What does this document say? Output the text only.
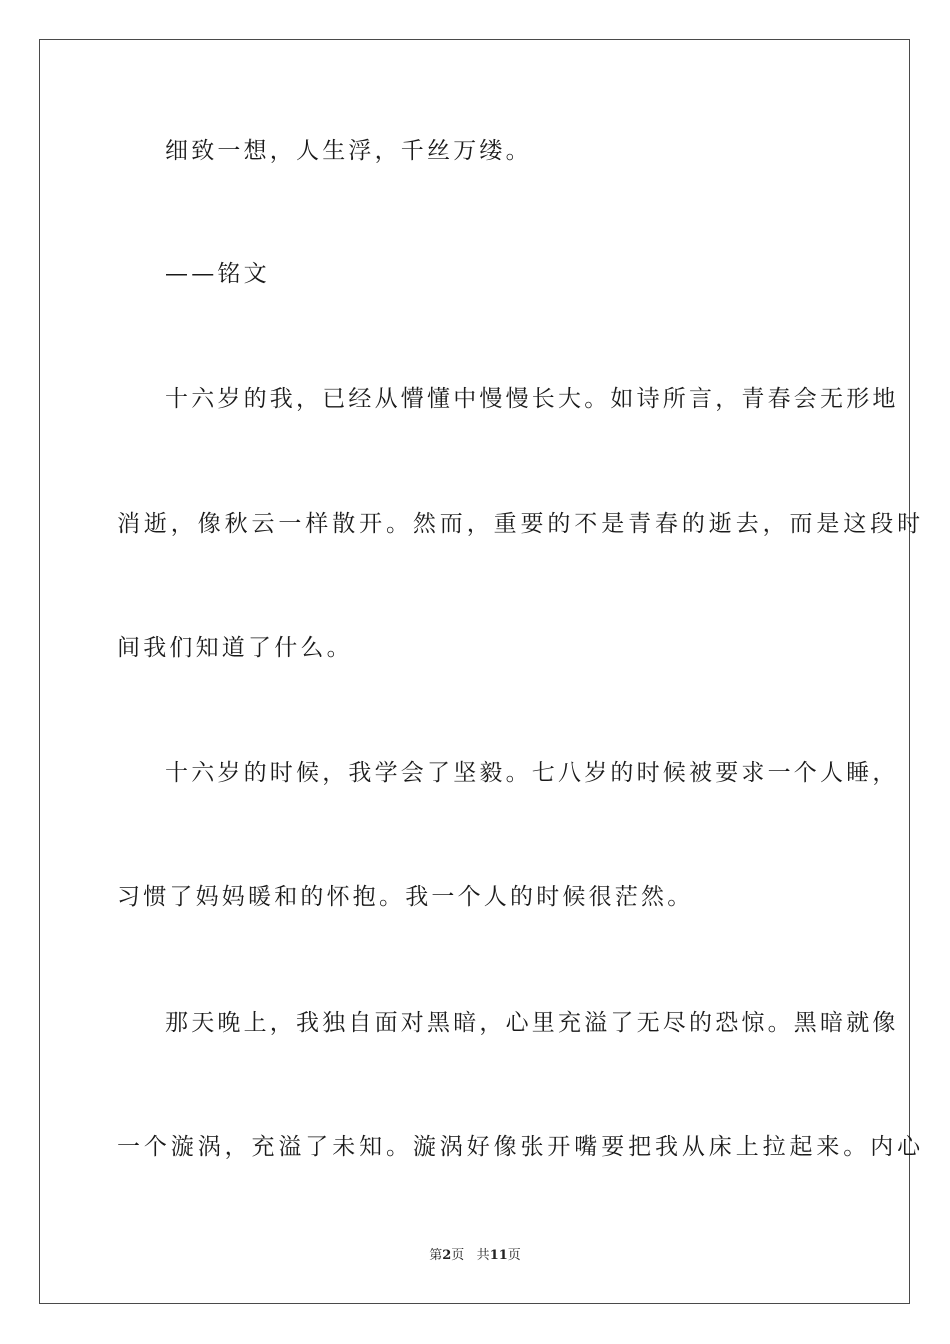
细致一想，人生浮，千丝万缕。
——铭文
十六岁的我，已经从懵懂中慢慢长大。如诗所言，青春会无形地
消逝，像秋云一样散开。然而，重要的不是青春的逝去，而是这段时
间我们知道了什么。
十六岁的时候，我学会了坚毅。七八岁的时候被要求一个人睡，
习惯了妈妈暖和的怀抱。我一个人的时候很茫然。
那天晚上，我独自面对黑暗，心里充溢了无尽的恐惊。黑暗就像
一个漩涡，充溢了未知。漩涡好像张开嘴要把我从床上拉起来。内心
第2页 共11页
